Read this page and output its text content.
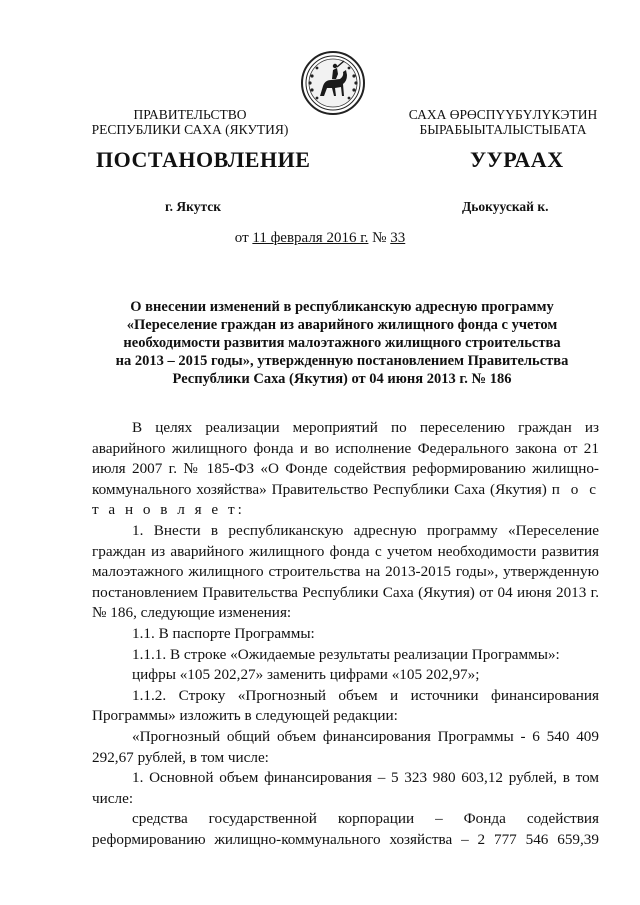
ПРАВИТЕЛЬСТВО
РЕСПУБЛИКИ САХА (ЯКУТИЯ)
САХА ӨРӨСПҮҮБҮЛҮКЭТИН
БЫРАБЫЫТАЛЫСТЫБАТА
ПОСТАНОВЛЕНИЕ	УУРААХ
г. Якутск	Дьокуускай к.
от 11 февраля 2016 г. № 33
О внесении изменений в республиканскую адресную программу
«Переселение граждан из аварийного жилищного фонда с учетом
необходимости развития малоэтажного жилищного строительства
на 2013 – 2015 годы», утвержденную постановлением Правительства
Республики Саха (Якутия) от 04 июня 2013 г. № 186

В целях реализации мероприятий по переселению граждан из аварийного жилищного фонда и во исполнение Федерального закона от 21 июля 2007 г. № 185-ФЗ «О Фонде содействия реформированию жилищно-коммунального хозяйства» Правительство Республики Саха (Якутия) п о с т а н о в л я е т:

1. Внести в республиканскую адресную программу «Переселение граждан из аварийного жилищного фонда с учетом необходимости развития малоэтажного жилищного строительства на 2013-2015 годы», утвержденную постановлением Правительства Республики Саха (Якутия) от 04 июня 2013 г. № 186, следующие изменения:

1.1. В паспорте Программы:

1.1.1. В строке «Ожидаемые результаты реализации Программы»:

цифры «105 202,27» заменить цифрами «105 202,97»;

1.1.2. Строку «Прогнозный объем и источники финансирования Программы» изложить в следующей редакции:

«Прогнозный общий объем финансирования Программы - 6 540 409 292,67 рублей, в том числе:

1. Основной объем финансирования – 5 323 980 603,12 рублей, в том числе:

средства государственной корпорации – Фонда содействия реформированию жилищно-коммунального хозяйства – 2 777 546 659,39
